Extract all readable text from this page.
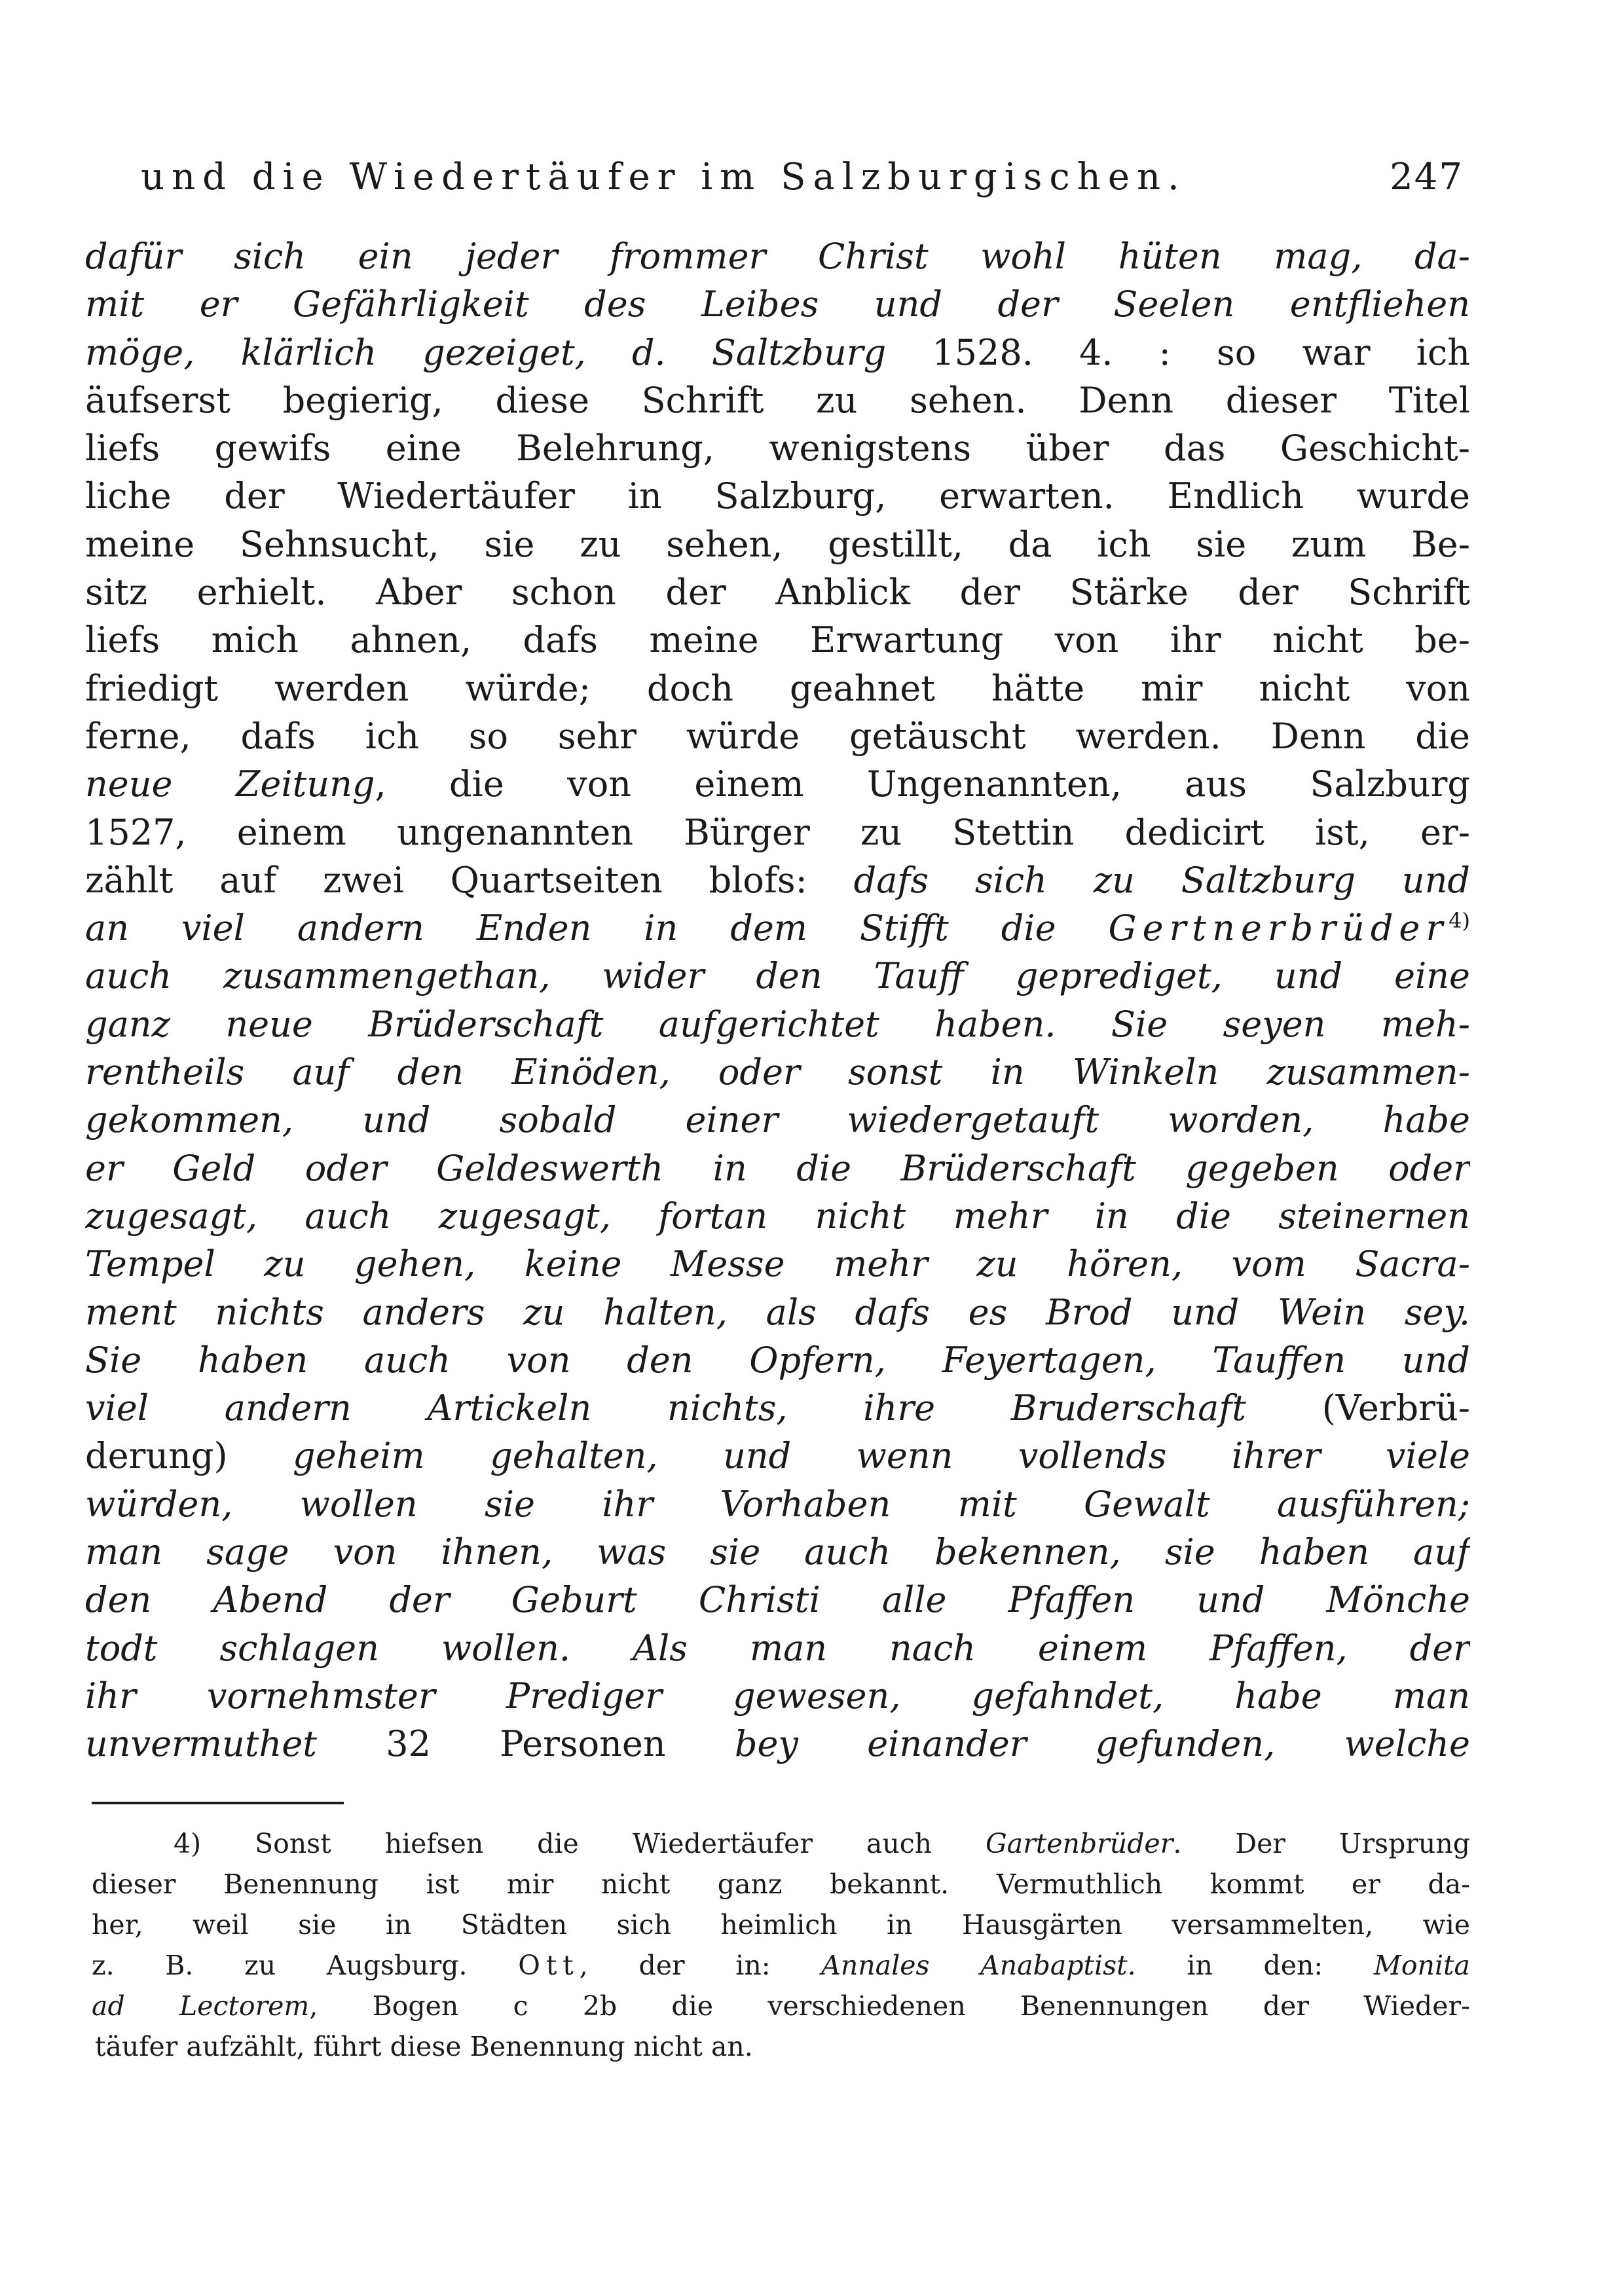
und die Wiedertäufer im Salzburgischen.	247
dafür sich ein jeder frommer Christ wohl hüten mag, da-
mit er Gefährligkeit des Leibes und der Seelen entfliehen
möge, klärlich gezeiget, d. Saltzburg 1528. 4. : so war ich
äufserst begierig, diese Schrift zu sehen. Denn dieser Titel
liefs gewifs eine Belehrung, wenigstens über das Geschicht-
liche der Wiedertäufer in Salzburg, erwarten. Endlich wurde
meine Sehnsucht, sie zu sehen, gestillt, da ich sie zum Be-
sitz erhielt. Aber schon der Anblick der Stärke der Schrift
liefs mich ahnen, dafs meine Erwartung von ihr nicht be-
friedigt werden würde; doch geahnet hätte mir nicht von
ferne, dafs ich so sehr würde getäuscht werden. Denn die
neue Zeitung, die von einem Ungenannten, aus Salzburg
1527, einem ungenannten Bürger zu Stettin dedicirt ist, er-
zählt auf zwei Quartseiten blofs: dafs sich zu Saltzburg und
an viel andern Enden in dem Stifft die Gertnerbrüder$^{4)}$
auch zusammengethan, wider den Tauff geprediget, und eine
ganz neue Brüderschaft aufgerichtet haben. Sie seyen meh-
rentheils auf den Einöden, oder sonst in Winkeln zusammen-
gekommen, und sobald einer wiedergetauft worden, habe
er Geld oder Geldeswerth in die Brüderschaft gegeben oder
zugesagt, auch zugesagt, fortan nicht mehr in die steinernen
Tempel zu gehen, keine Messe mehr zu hören, vom Sacra-
ment nichts anders zu halten, als dafs es Brod und Wein sey.
Sie haben auch von den Opfern, Feyertagen, Tauffen und
viel andern Artickeln nichts, ihre Bruderschaft (Verbrü-
derung) geheim gehalten, und wenn vollends ihrer viele
würden, wollen sie ihr Vorhaben mit Gewalt ausführen;
man sage von ihnen, was sie auch bekennen, sie haben auf
den Abend der Geburt Christi alle Pfaffen und Mönche
todt schlagen wollen. Als man nach einem Pfaffen, der
ihr vornehmster Prediger gewesen, gefahndet, habe man
unvermuthet 32 Personen bey einander gefunden, welche
4) Sonst hiefsen die Wiedertäufer auch Gartenbrüder. Der Ursprung
dieser Benennung ist mir nicht ganz bekannt. Vermuthlich kommt er da-
her, weil sie in Städten sich heimlich in Hausgärten versammelten, wie
z. B. zu Augsburg. Ott, der in: Annales Anabaptist. in den: Monita
ad Lectorem, Bogen c 2b die verschiedenen Benennungen der Wieder-
täufer aufzählt, führt diese Benennung nicht an.
